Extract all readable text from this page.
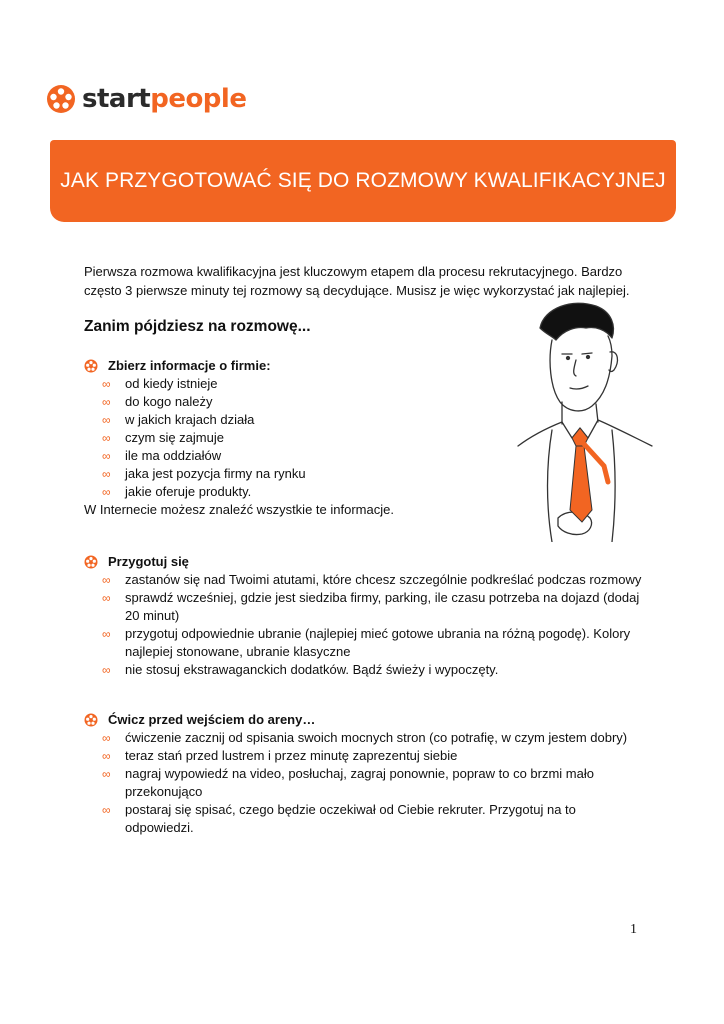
startpeople
JAK PRZYGOTOWAĆ SIĘ DO ROZMOWY KWALIFIKACYJNEJ

Pierwsza rozmowa kwalifikacyjna jest kluczowym etapem dla procesu rekrutacyjnego. Bardzo często 3 pierwsze minuty tej rozmowy są decydujące. Musisz je więc wykorzystać jak najlepiej.

Zanim pójdziesz na rozmowę...
Zbierz informacje o firmie:
∞ od kiedy istnieje
∞ do kogo należy
∞ w jakich krajach działa
∞ czym się zajmuje
∞ ile ma oddziałów
∞ jaka jest pozycja firmy na rynku
∞ jakie oferuje produkty.

W Internecie możesz znaleźć wszystkie te informacje.

Przygotuj się
∞ zastanów się nad Twoimi atutami, które chcesz szczególnie podkreślać podczas rozmowy
∞ sprawdź wcześniej, gdzie jest siedziba firmy, parking, ile czasu potrzeba na dojazd (dodaj 20 minut)
∞ przygotuj odpowiednie ubranie (najlepiej mieć gotowe ubrania na różną pogodę). Kolory najlepiej stonowane, ubranie klasyczne
∞ nie stosuj ekstrawaganckich dodatków. Bądź świeży i wypoczęty.
Ćwicz przed wejściem do areny…
∞ ćwiczenie zacznij od spisania swoich mocnych stron (co potrafię, w czym jestem dobry)
∞ teraz stań przed lustrem i przez minutę zaprezentuj siebie
∞ nagraj wypowiedź na video, posłuchaj, zagraj ponownie, popraw to co brzmi mało przekonująco
∞ postaraj się spisać, czego będzie oczekiwał od Ciebie rekruter. Przygotuj na to odpowiedzi.
1
